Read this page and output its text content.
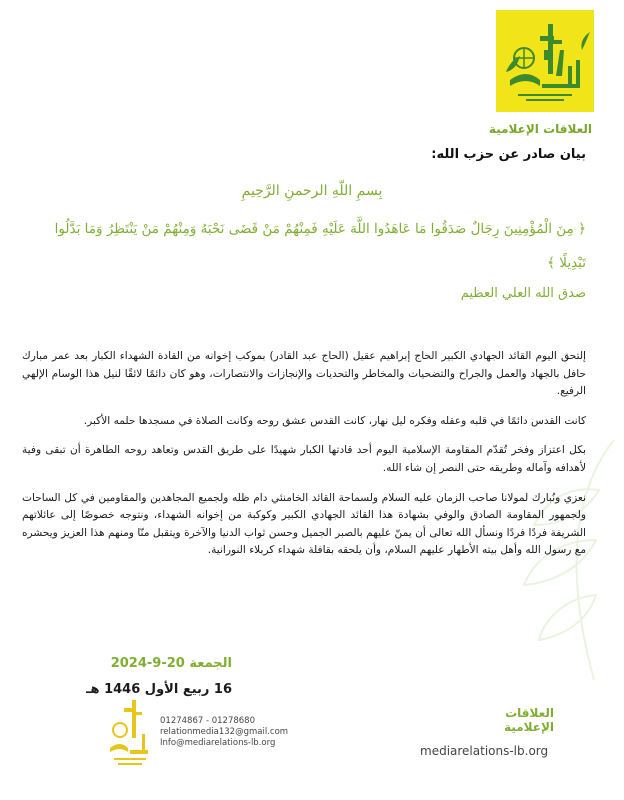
العلاقات الإعلامية
بيان صادر عن حزب الله:
بِسمِ اللّهِ الرحمنِ الرَّحِيمِ
﴿ مِنَ الْمُؤْمِنِينَ رِجَالٌ صَدَقُوا مَا عَاهَدُوا اللَّهَ عَلَيْهِ فَمِنْهُمْ مَنْ قَضَى نَحْبَهُ وَمِنْهُمْ مَنْ يَنْتَظِرُ وَمَا بَدَّلُوا تَبْدِيلًا ﴾
صدق الله العلي العظيم

إلتحق اليوم القائد الجهادي الكبير الحاج إبراهيم عقيل (الحاج عبد القادر) بموكب إخوانه من القادة الشهداء الكبار بعد عمر مبارك حافل بالجهاد والعمل والجراح والتضحيات والمخاطر والتحديات والإنجازات والانتصارات، وهو كان دائمًا لائقًا لنيل هذا الوسام الإلهي الرفيع.

كانت القدس دائمًا في قلبه وعقله وفكره ليل نهار، كانت القدس عشق روحه وكانت الصلاة في مسجدها حلمه الأكبر.

بكل اعتزاز وفخر تُقدّم المقاومة الإسلامية اليوم أحد قادتها الكبار شهيدًا على طريق القدس وتعاهد روحه الطاهرة أن تبقى وفية لأهدافه وآماله وطريقه حتى النصر إن شاء الله.

نعزي ونُبارك لمولانا صاحب الزمان عليه السلام ولسماحة القائد الخامنئي دام ظله ولجميع المجاهدين والمقاومين في كل الساحات ولجمهور المقاومة الصادق والوفي بشهادة هذا القائد الجهادي الكبير وكوكبة من إخوانه الشهداء، ونتوجه خصوصًا إلى عائلاتهم الشريفة فردًا فردًا ونسأل الله تعالى أن يمنّ عليهم بالصبر الجميل وحسن ثواب الدنيا والآخرة ويتقبل منّا ومنهم هذا العزيز ويحشره مع رسول الله وأهل بيته الأطهار عليهم السلام، وأن يلحقه بقافلة شهداء كربلاء النورانية.

الجمعة 20-9-2024
16 ربيع الأول 1446 هـ
01274867 - 01278680
relationmedia132@gmail.com
Info@mediarelations-lb.org
العلاقات
الإعلامية
mediarelations-lb.org
